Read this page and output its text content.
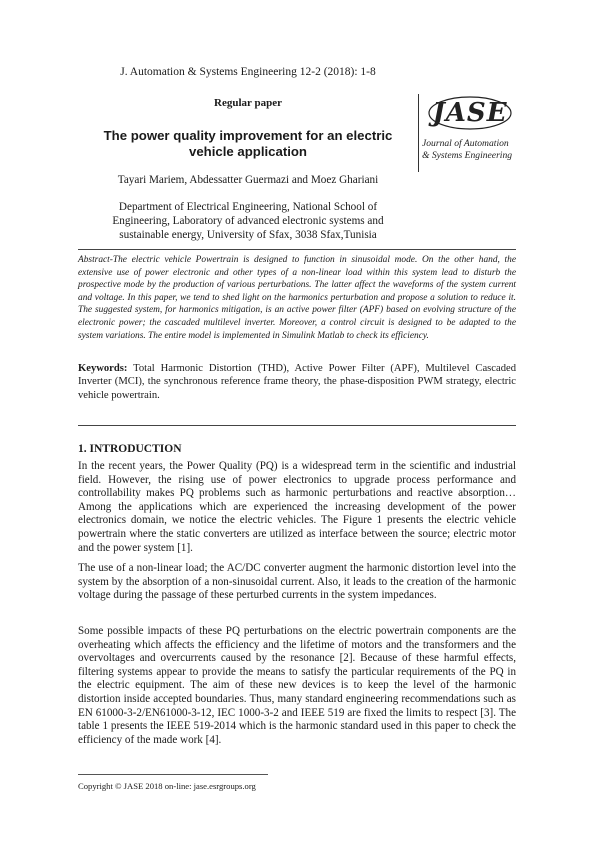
J. Automation & Systems Engineering 12-2 (2018): 1-8
Regular paper
The power quality improvement for an electric
vehicle application
Tayari Mariem, Abdessatter Guermazi and Moez Ghariani
Department of Electrical Engineering, National School of
Engineering, Laboratory of advanced electronic systems and
sustainable energy, University of Sfax, 3038 Sfax,Tunisia
JASE
Journal of Automation
& Systems Engineering
Abstract-The electric vehicle Powertrain is designed to function in sinusoidal mode. On the other hand, the extensive use of power electronic and other types of a non-linear load within this system lead to disturb the prospective mode by the production of various perturbations. The latter affect the waveforms of the system current and voltage. In this paper, we tend to shed light on the harmonics perturbation and propose a solution to reduce it. The suggested system, for harmonics mitigation, is an active power filter (APF) based on evolving structure of the electronic power; the cascaded multilevel inverter. Moreover, a control circuit is designed to be adapted to the system variations. The entire model is implemented in Simulink Matlab to check its efficiency.
Keywords: Total Harmonic Distortion (THD), Active Power Filter (APF), Multilevel Cascaded Inverter (MCI), the synchronous reference frame theory, the phase-disposition PWM strategy, electric vehicle powertrain.
1. INTRODUCTION
In the recent years, the Power Quality (PQ) is a widespread term in the scientific and industrial field. However, the rising use of power electronics to upgrade process performance and controllability makes PQ problems such as harmonic perturbations and reactive absorption…Among the applications which are experienced the increasing development of the power electronics domain, we notice the electric vehicles. The Figure 1 presents the electric vehicle powertrain where the static converters are utilized as interface between the source; electric motor and the power system [1].
The use of a non-linear load; the AC/DC converter augment the harmonic distortion level into the system by the absorption of a non-sinusoidal current. Also, it leads to the creation of the harmonic voltage during the passage of these perturbed currents in the system impedances.
Some possible impacts of these PQ perturbations on the electric powertrain components are the overheating which affects the efficiency and the lifetime of motors and the transformers and the overvoltages and overcurrents caused by the resonance [2]. Because of these harmful effects, filtering systems appear to provide the means to satisfy the particular requirements of the PQ in the electric equipment. The aim of these new devices is to keep the level of the harmonic distortion inside accepted boundaries. Thus, many standard engineering recommendations such as EN 61000-3-2/EN61000-3-12, IEC 1000-3-2 and IEEE 519 are fixed the limits to respect [3]. The table 1 presents the IEEE 519-2014 which is the harmonic standard used in this paper to check the efficiency of the made work [4].
Copyright © JASE 2018 on-line: jase.esrgroups.org
